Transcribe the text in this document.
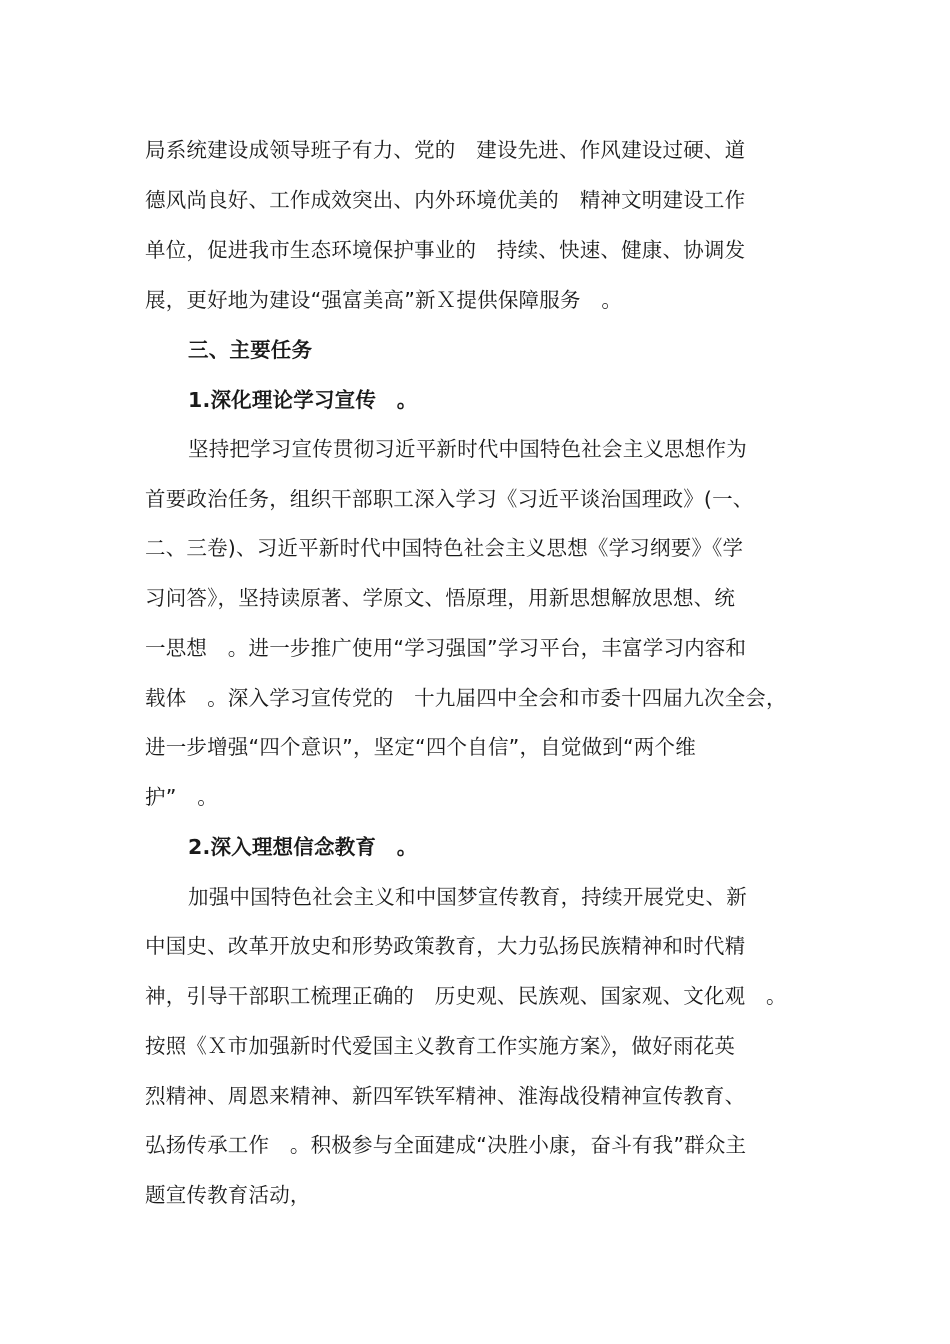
局系统建设成领导班子有力、党的　建设先进、作风建设过硬、道
德风尚良好、工作成效突出、内外环境优美的　精神文明建设工作
单位，促进我市生态环境保护事业的　持续、快速、健康、协调发
展，更好地为建设“强富美高”新Ｘ提供保障服务　。
三、主要任务
1.深化理论学习宣传　。
坚持把学习宣传贯彻习近平新时代中国特色社会主义思想作为
首要政治任务，组织干部职工深入学习《习近平谈治国理政》(一、
二、三卷)、习近平新时代中国特色社会主义思想《学习纲要》《学
习问答》，坚持读原著、学原文、悟原理，用新思想解放思想、统
一思想　。进一步推广使用“学习强国”学习平台，丰富学习内容和
载体　。深入学习宣传党的　十九届四中全会和市委十四届九次全会，
进一步增强“四个意识”，坚定“四个自信”，自觉做到“两个维
护”　。
2.深入理想信念教育　。
加强中国特色社会主义和中国梦宣传教育，持续开展党史、新
中国史、改革开放史和形势政策教育，大力弘扬民族精神和时代精
神，引导干部职工梳理正确的　历史观、民族观、国家观、文化观　。
按照《Ｘ市加强新时代爱国主义教育工作实施方案》，做好雨花英
烈精神、周恩来精神、新四军铁军精神、淮海战役精神宣传教育、
弘扬传承工作　。积极参与全面建成“决胜小康，奋斗有我”群众主
题宣传教育活动，
